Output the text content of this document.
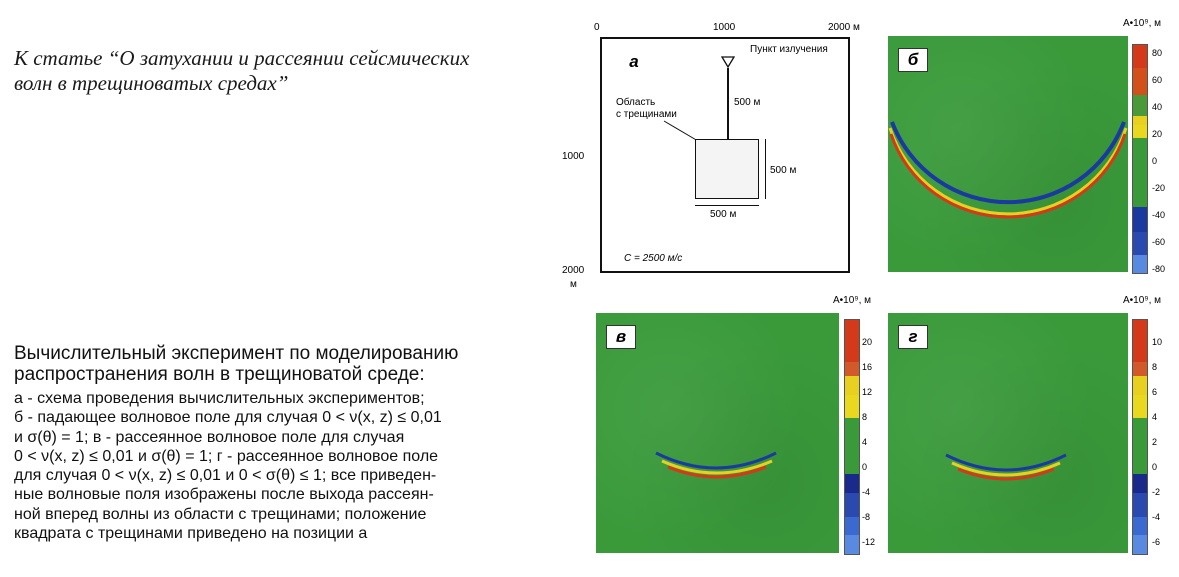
К статье “О затухании и рассеянии сейсмических
волн в трещиноватых средах”
Вычислительный эксперимент по моделированию
распространения волн в трещиноватой среде:
а - схема проведения вычислительных экспериментов;
б - падающее волновое поле для случая 0 < ν(x, z) ≤ 0,01
и σ(θ) = 1; в - рассеянное волновое поле для случая
0 < ν(x, z) ≤ 0,01 и σ(θ) = 1; г - рассеянное волновое поле
для случая 0 < ν(x, z) ≤ 0,01 и 0 < σ(θ) ≤ 1; все приведен-
ные волновые поля изображены после выхода рассеян-
ной вперед волны из области с трещинами; положение
квадрата с трещинами приведено на позиции а
0	1000	2000 м
1000
2000
м
а
Пункт излучения
500 м
Область
с трещинами
500 м
500 м
C = 2500 м/с
A•10⁹, м
б	80
60
40
20
0
-20
-40
-60
-80
A•10⁹, м
в	20
16
12
8
4
0
-4
-8
-12
A•10⁹, м
г	10
8
6
4
2
0
-2
-4
-6
